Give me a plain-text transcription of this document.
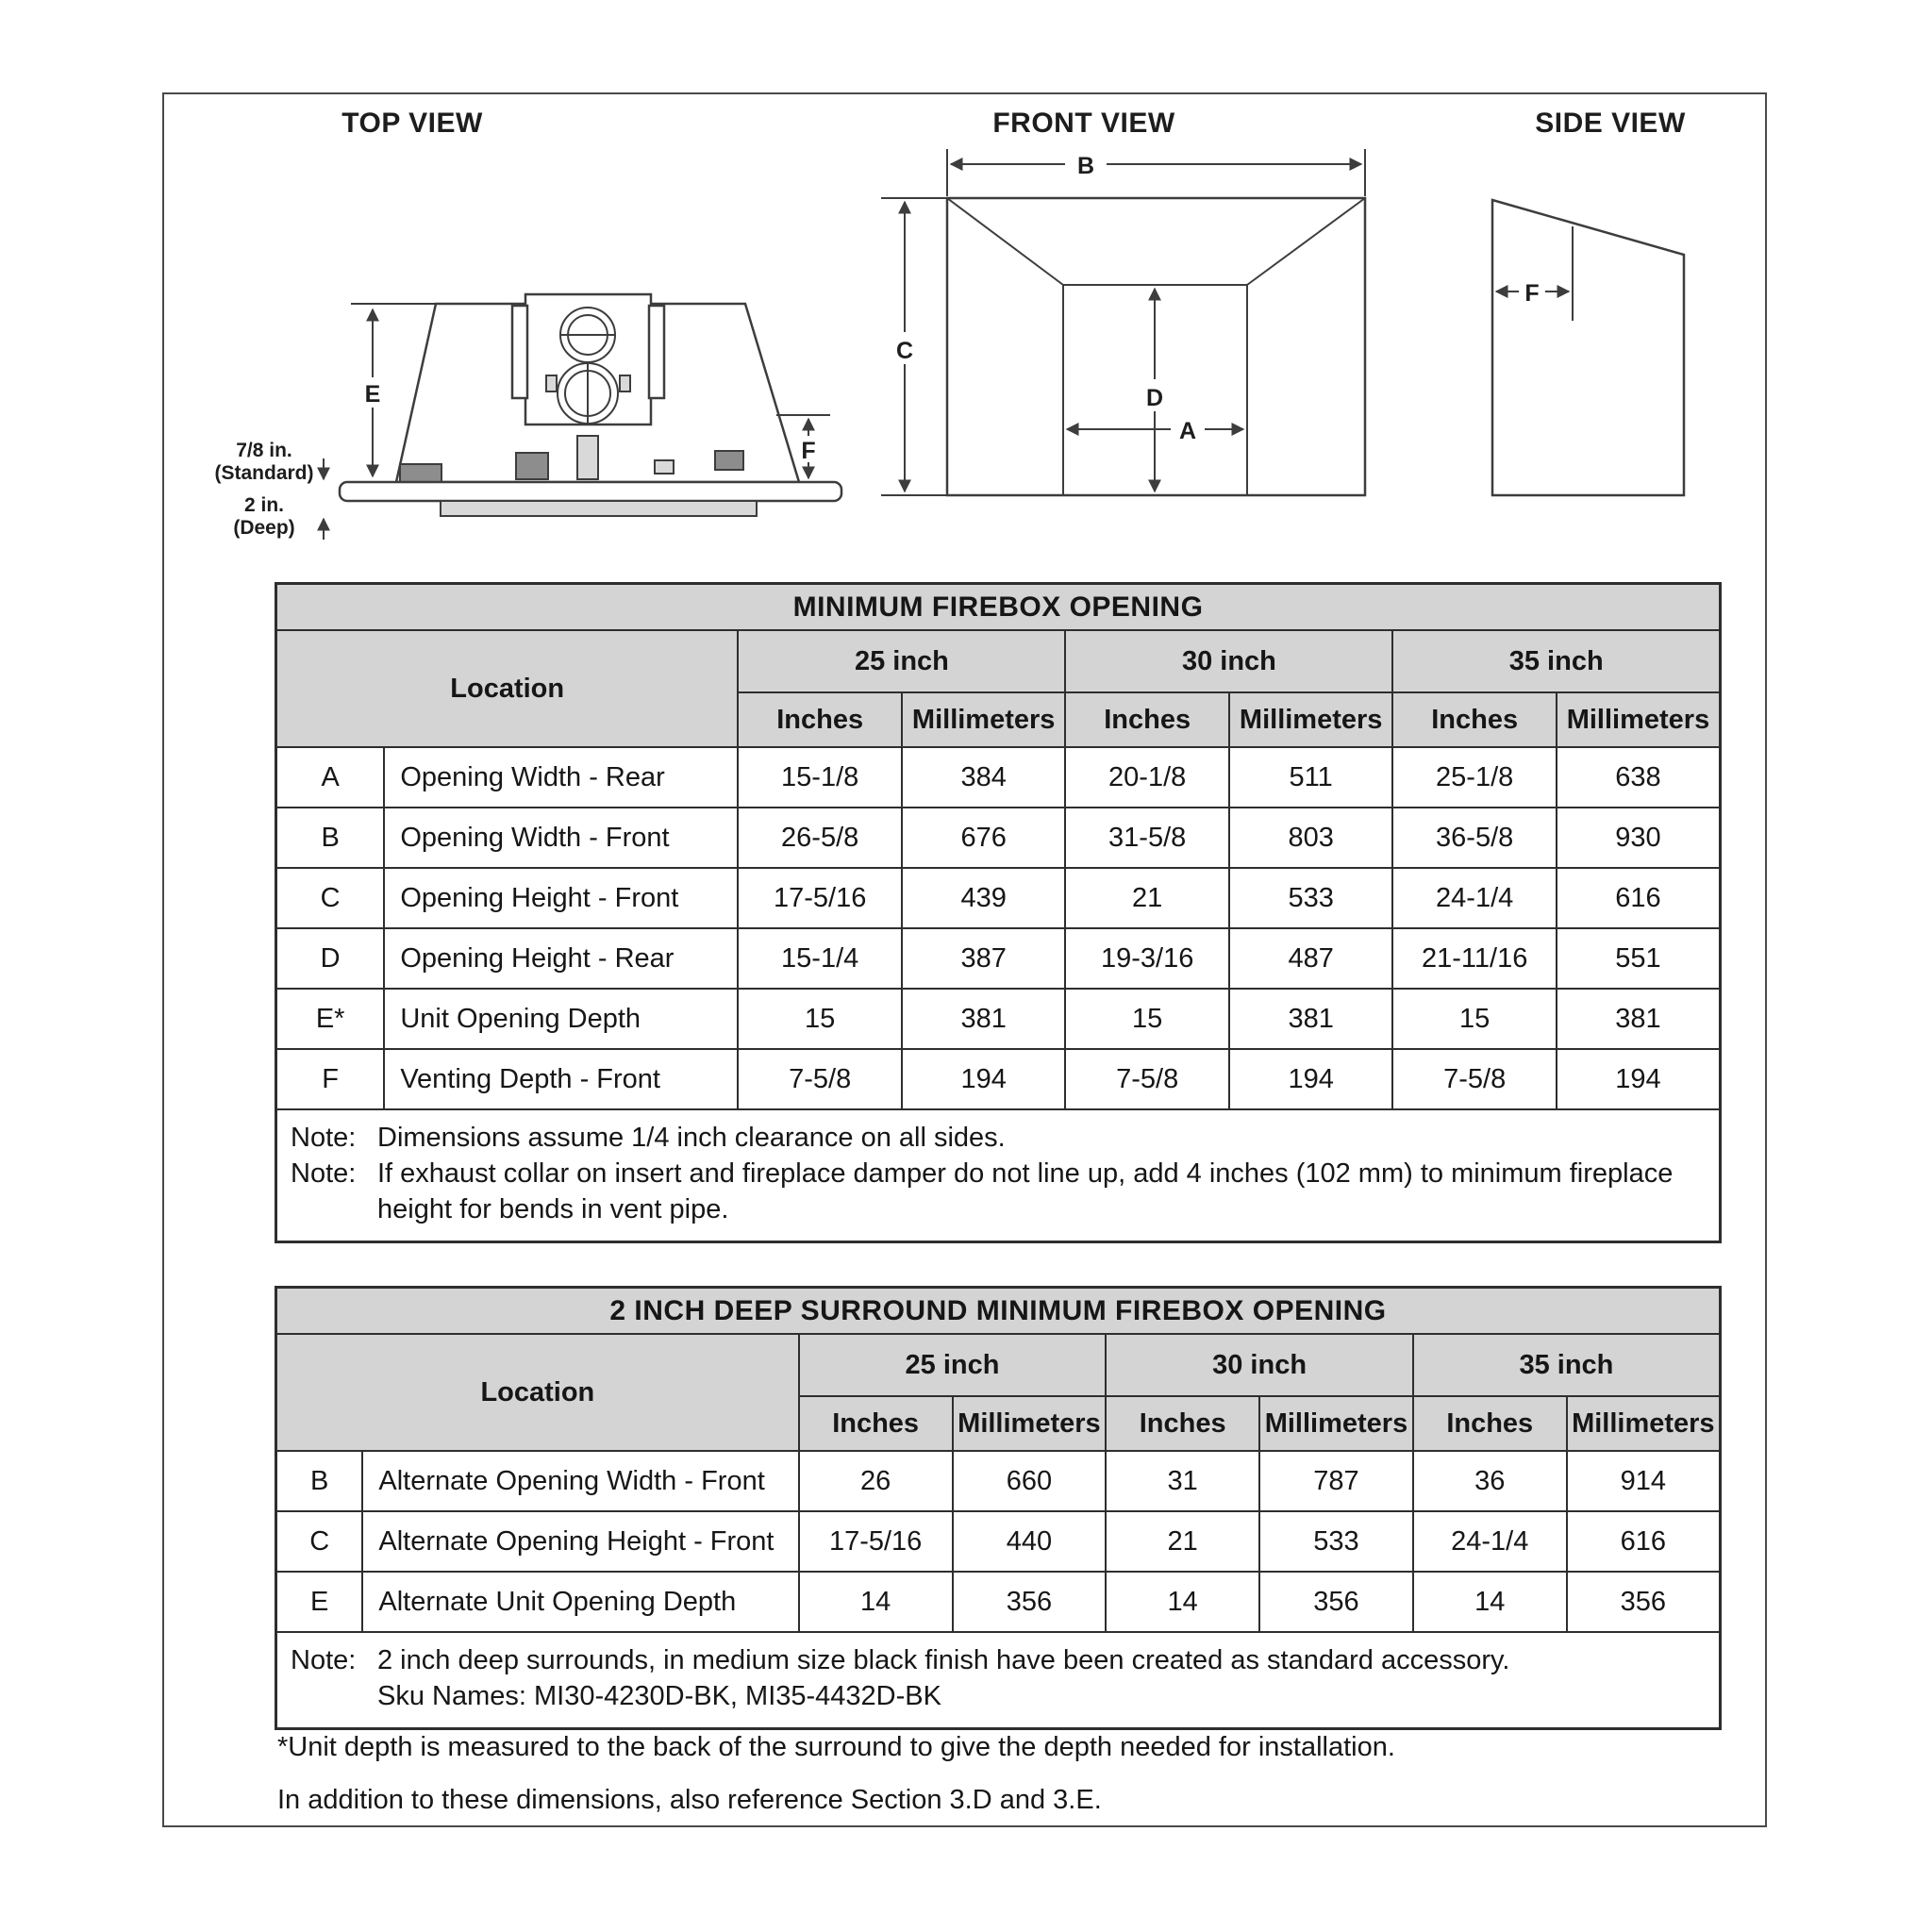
TOP VIEW
E
F
7/8 in.
(Standard)
2 in.
(Deep)
FRONT VIEW
B
C
D
A
SIDE VIEW
F
MINIMUM FIREBOX OPENING							
Location		25 inch		30 inch		35 inch	
		Inches	Millimeters	Inches	Millimeters	Inches	Millimeters
A	Opening Width - Rear	15-1/8	384	20-1/8	511	25-1/8	638
B	Opening Width - Front	26-5/8	676	31-5/8	803	36-5/8	930
C	Opening Height - Front	17-5/16	439	21	533	24-1/4	616
D	Opening Height - Rear	15-1/4	387	19-3/16	487	21-11/16	551
E*	Unit Opening Depth	15	381	15	381	15	381
F	Venting Depth - Front	7-5/8	194	7-5/8	194	7-5/8	194

Note: Dimensions assume 1/4 inch clearance on all sides.
Note: If exhaust collar on insert and fireplace damper do not line up, add 4 inches (102 mm) to minimum fireplace
height for bends in vent pipe.							
2 INCH DEEP SURROUND MINIMUM FIREBOX OPENING							
Location		25 inch		30 inch		35 inch	
		Inches	Millimeters	Inches	Millimeters	Inches	Millimeters
B	Alternate Opening Width - Front	26	660	31	787	36	914
C	Alternate Opening Height - Front	17-5/16	440	21	533	24-1/4	616
E	Alternate Unit Opening Depth	14	356	14	356	14	356

Note: 2 inch deep surrounds, in medium size black finish have been created as standard accessory.
Sku Names: MI30-4230D-BK, MI35-4432D-BK							
*Unit depth is measured to the back of the surround to give the depth needed for installation.
In addition to these dimensions, also reference Section 3.D and 3.E.
